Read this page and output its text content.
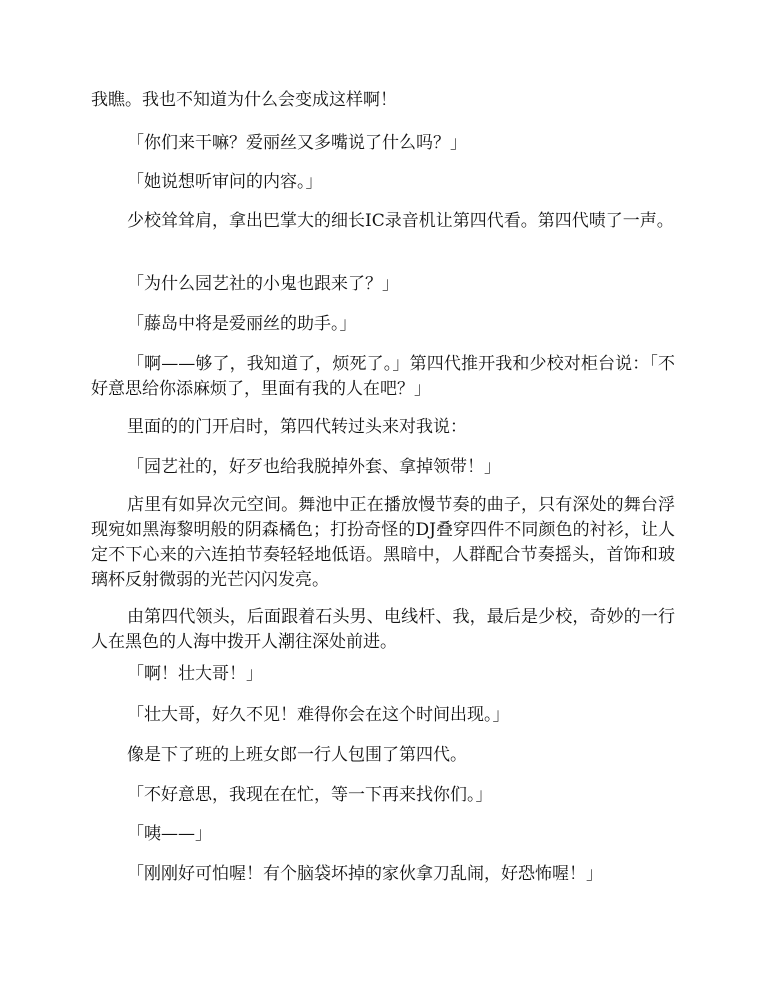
我瞧。我也不知道为什么会变成这样啊！

「你们来干嘛？爱丽丝又多嘴说了什么吗？」

「她说想听审问的内容。」

少校耸耸肩，拿出巴掌大的细长IC录音机让第四代看。第四代啧了一声。

「为什么园艺社的小鬼也跟来了？」

「藤岛中将是爱丽丝的助手。」

「啊——够了，我知道了，烦死了。」第四代推开我和少校对柜台说：「不好意思给你添麻烦了，里面有我的人在吧？」

里面的的门开启时，第四代转过头来对我说：

「园艺社的，好歹也给我脱掉外套、拿掉领带！」

店里有如异次元空间。舞池中正在播放慢节奏的曲子，只有深处的舞台浮现宛如黑海黎明般的阴森橘色；打扮奇怪的DJ叠穿四件不同颜色的衬衫，让人定不下心来的六连拍节奏轻轻地低语。黑暗中，人群配合节奏摇头，首饰和玻璃杯反射微弱的光芒闪闪发亮。

由第四代领头，后面跟着石头男、电线杆、我，最后是少校，奇妙的一行人在黑色的人海中拨开人潮往深处前进。

「啊！壮大哥！」

「壮大哥，好久不见！难得你会在这个时间出现。」

像是下了班的上班女郎一行人包围了第四代。

「不好意思，我现在在忙，等一下再来找你们。」

「咦——」

「刚刚好可怕喔！有个脑袋坏掉的家伙拿刀乱闹，好恐怖喔！」
